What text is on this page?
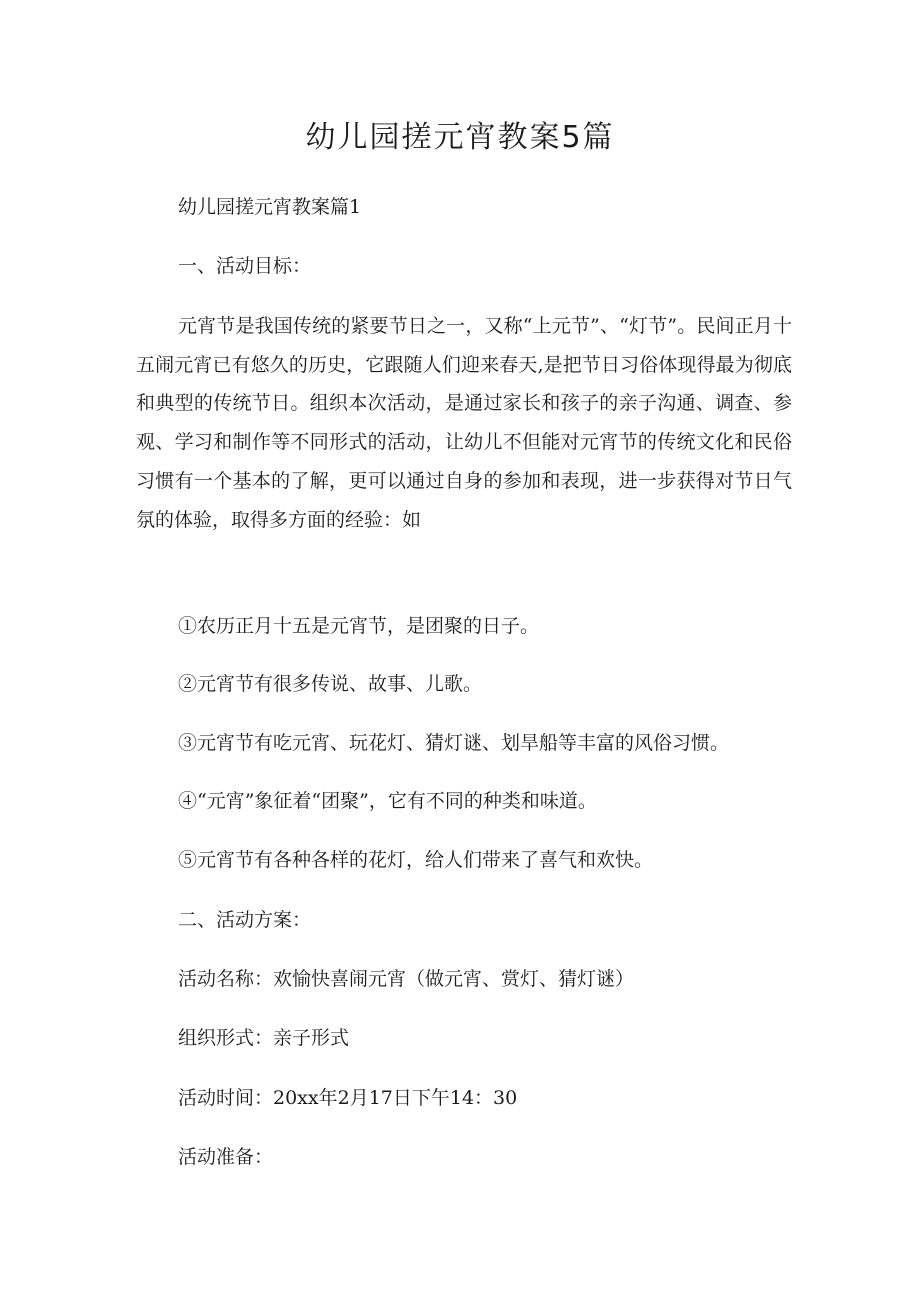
幼儿园搓元宵教案5篇

幼儿园搓元宵教案篇1

一、活动目标：

元宵节是我国传统的紧要节日之一，又称“上元节”、“灯节”。民间正月十五闹元宵已有悠久的历史，它跟随人们迎来春天,是把节日习俗体现得最为彻底和典型的传统节日。组织本次活动，是通过家长和孩子的亲子沟通、调查、参观、学习和制作等不同形式的活动，让幼儿不但能对元宵节的传统文化和民俗习惯有一个基本的了解，更可以通过自身的参加和表现，进一步获得对节日气氛的体验，取得多方面的经验：如

①农历正月十五是元宵节，是团聚的日子。

②元宵节有很多传说、故事、儿歌。

③元宵节有吃元宵、玩花灯、猜灯谜、划旱船等丰富的风俗习惯。

④“元宵”象征着“团聚”，它有不同的种类和味道。

⑤元宵节有各种各样的花灯，给人们带来了喜气和欢快。

二、活动方案：

活动名称：欢愉快喜闹元宵（做元宵、赏灯、猜灯谜）

组织形式：亲子形式

活动时间：20xx年2月17日下午14：30

活动准备：
